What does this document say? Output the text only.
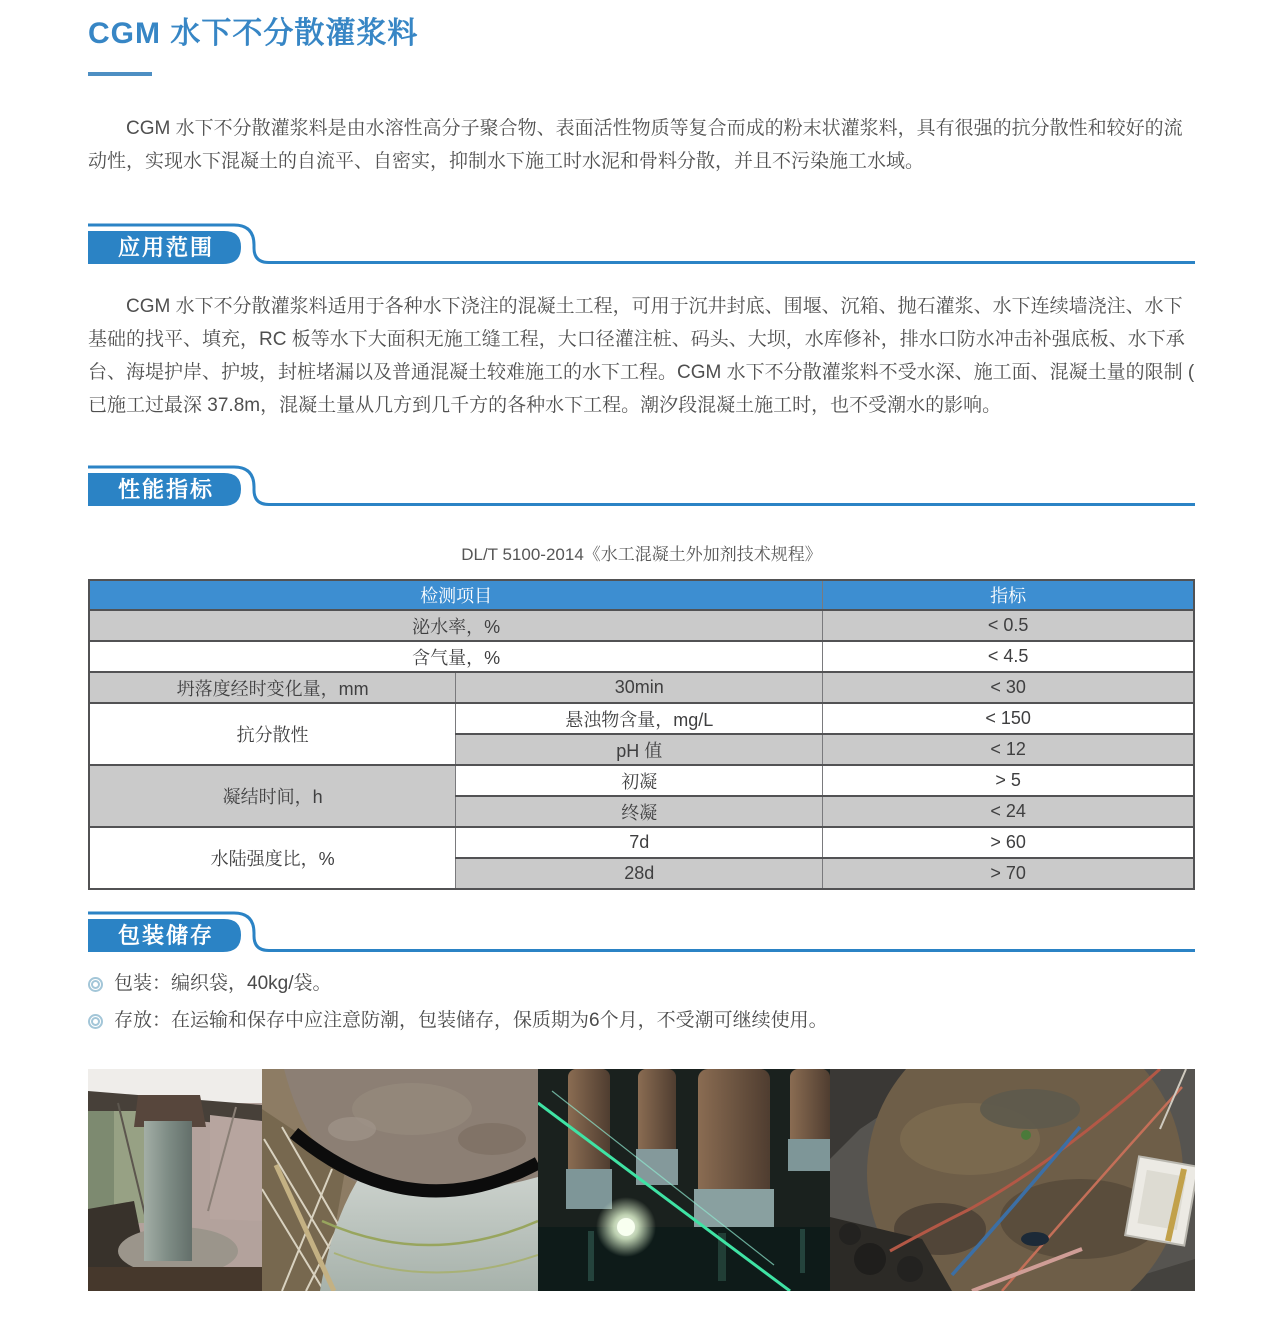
CGM 水下不分散灌浆料

CGM 水下不分散灌浆料是由水溶性高分子聚合物、表面活性物质等复合而成的粉末状灌浆料，具有很强的抗分散性和较好的流动性，实现水下混凝土的自流平、自密实，抑制水下施工时水泥和骨料分散，并且不污染施工水域。

应用范围

CGM 水下不分散灌浆料适用于各种水下浇注的混凝土工程，可用于沉井封底、围堰、沉箱、抛石灌浆、水下连续墙浇注、水下基础的找平、填充，RC 板等水下大面积无施工缝工程，大口径灌注桩、码头、大坝，水库修补，排水口防水冲击补强底板、水下承台、海堤护岸、护坡，封桩堵漏以及普通混凝土较难施工的水下工程。CGM 水下不分散灌浆料不受水深、施工面、混凝土量的限制 ( 已施工过最深 37.8m，混凝土量从几方到几千方的各种水下工程。潮汐段混凝土施工时，也不受潮水的影响。

性能指标
DL/T 5100-2014《水工混凝土外加剂技术规程》
检测项目		指标
泌水率，%		< 0.5
含气量，%		< 4.5
坍落度经时变化量，mm	30min	< 30
抗分散性	悬浊物含量，mg/L	< 150
	pH 值	< 12
凝结时间，h	初凝	> 5
	终凝	< 24
水陆强度比，%	7d	> 60
	28d	> 70
包装储存
包装：编织袋，40kg/袋。
存放：在运输和保存中应注意防潮，包装储存，保质期为6个月，不受潮可继续使用。
